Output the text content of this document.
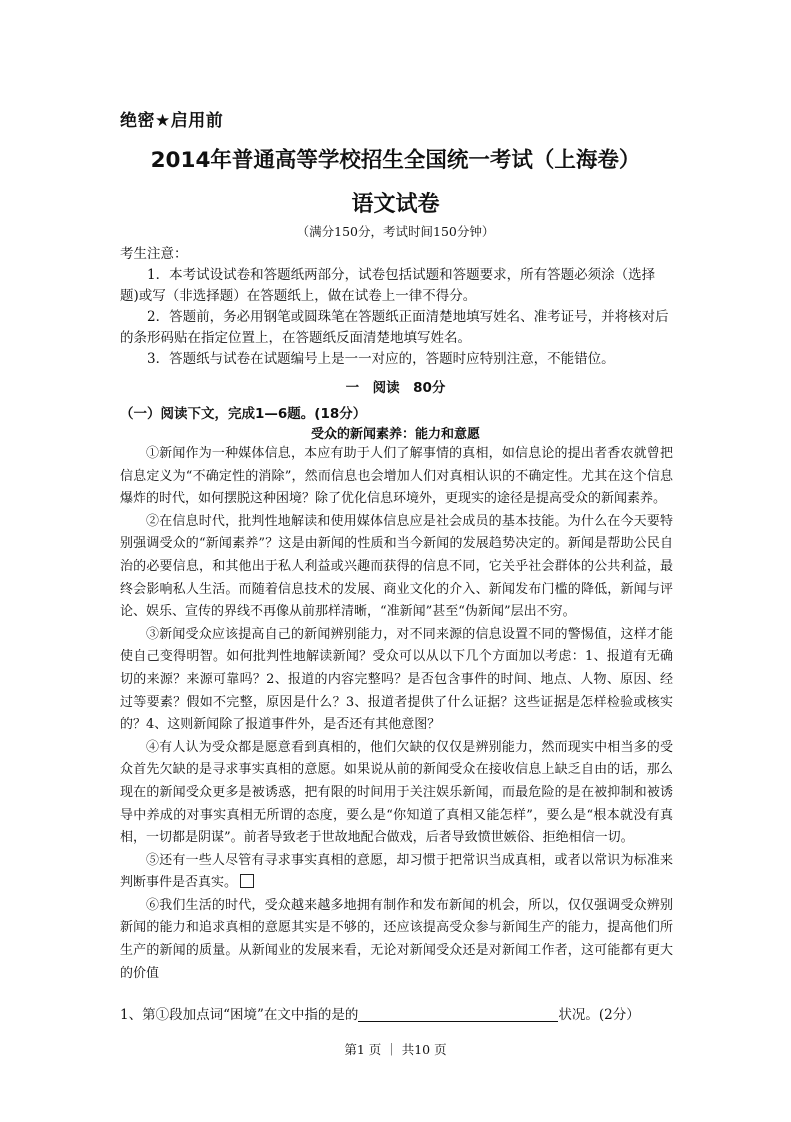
绝密★启用前
2014年普通高等学校招生全国统一考试（上海卷）
语文试卷
（满分150分，考试时间150分钟）

考生注意：

1．本考试设试卷和答题纸两部分，试卷包括试题和答题要求，所有答题必须涂（选择题)或写（非选择题）在答题纸上，做在试卷上一律不得分。

2．答题前，务必用钢笔或圆珠笔在答题纸正面清楚地填写姓名、准考证号，并将核对后的条形码贴在指定位置上，在答题纸反面清楚地填写姓名。

3．答题纸与试卷在试题编号上是一一对应的，答题时应特别注意，不能错位。

一　阅读　80分
（一）阅读下文，完成1—6题。(18分）
受众的新闻素养：能力和意愿

①新闻作为一种媒体信息，本应有助于人们了解事情的真相，如信息论的提出者香农就曾把信息定义为“不确定性的消除”，然而信息也会增加人们对真相认识的不确定性。尤其在这个信息爆炸的时代，如何摆脱这种困境？除了优化信息环境外，更现实的途径是提高受众的新闻素养。

②在信息时代，批判性地解读和使用媒体信息应是社会成员的基本技能。为什么在今天要特别强调受众的“新闻素养”？这是由新闻的性质和当今新闻的发展趋势决定的。新闻是帮助公民自治的必要信息，和其他出于私人利益或兴趣而获得的信息不同，它关乎社会群体的公共利益，最终会影响私人生活。而随着信息技术的发展、商业文化的介入、新闻发布门槛的降低，新闻与评论、娱乐、宣传的界线不再像从前那样清晰，“准新闻”甚至“伪新闻”层出不穷。

③新闻受众应该提高自己的新闻辨别能力，对不同来源的信息设置不同的警惕值，这样才能使自己变得明智。如何批判性地解读新闻？受众可以从以下几个方面加以考虑：1、报道有无确切的来源？来源可靠吗？2、报道的内容完整吗？是否包含事件的时间、地点、人物、原因、经过等要素？假如不完整，原因是什么？3、报道者提供了什么证据？这些证据是怎样检验或核实的？4、这则新闻除了报道事件外，是否还有其他意图？

④有人认为受众都是愿意看到真相的，他们欠缺的仅仅是辨别能力，然而现实中相当多的受众首先欠缺的是寻求事实真相的意愿。如果说从前的新闻受众在接收信息上缺乏自由的话，那么现在的新闻受众更多是被诱惑，把有限的时间用于关注娱乐新闻，而最危险的是在被抑制和被诱导中养成的对事实真相无所谓的态度，要么是“你知道了真相又能怎样”，要么是“根本就没有真相，一切都是阴谋”。前者导致老于世故地配合做戏，后者导致愤世嫉俗、拒绝相信一切。

⑤还有一些人尽管有寻求事实真相的意愿，却习惯于把常识当成真相，或者以常识为标准来判断事件是否真实。

⑥我们生活的时代，受众越来越多地拥有制作和发布新闻的机会，所以，仅仅强调受众辨别新闻的能力和追求真相的意愿其实是不够的，还应该提高受众参与新闻生产的能力，提高他们所生产的新闻的质量。从新闻业的发展来看，无论对新闻受众还是对新闻工作者，这可能都有更大的价值

1、第①段加点词“困境”在文中指的是的	状况。(2分）
第1 页 ｜ 共10 页
